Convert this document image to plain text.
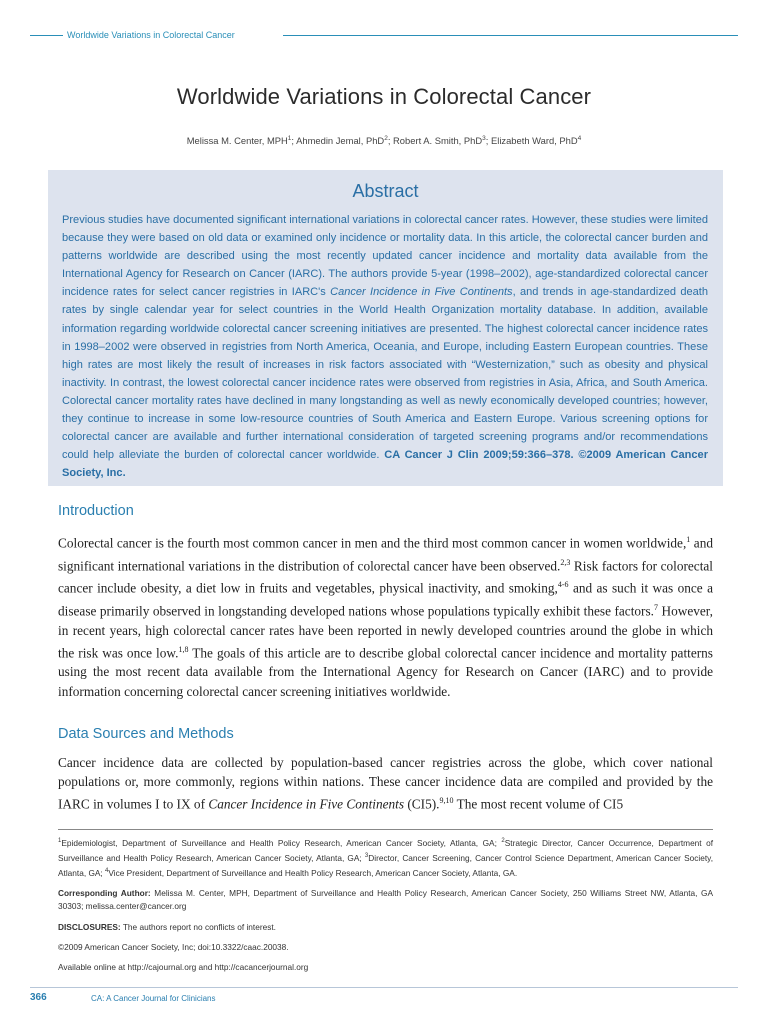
Worldwide Variations in Colorectal Cancer
Worldwide Variations in Colorectal Cancer
Melissa M. Center, MPH$^1$; Ahmedin Jemal, PhD$^2$; Robert A. Smith, PhD$^3$; Elizabeth Ward, PhD$^4$
Abstract
Previous studies have documented significant international variations in colorectal cancer rates. However, these studies were limited because they were based on old data or examined only incidence or mortality data. In this article, the colorectal cancer burden and patterns worldwide are described using the most recently updated cancer incidence and mortality data available from the International Agency for Research on Cancer (IARC). The authors provide 5-year (1998–2002), age-standardized colorectal cancer incidence rates for select cancer registries in IARC's Cancer Incidence in Five Continents, and trends in age-standardized death rates by single calendar year for select countries in the World Health Organization mortality database. In addition, available information regarding worldwide colorectal cancer screening initiatives are presented. The highest colorectal cancer incidence rates in 1998–2002 were observed in registries from North America, Oceania, and Europe, including Eastern European countries. These high rates are most likely the result of increases in risk factors associated with “Westernization,” such as obesity and physical inactivity. In contrast, the lowest colorectal cancer incidence rates were observed from registries in Asia, Africa, and South America. Colorectal cancer mortality rates have declined in many longstanding as well as newly economically developed countries; however, they continue to increase in some low-resource countries of South America and Eastern Europe. Various screening options for colorectal cancer are available and further international consideration of targeted screening programs and/or recommendations could help alleviate the burden of colorectal cancer worldwide. CA Cancer J Clin 2009;59:366–378. ©2009 American Cancer Society, Inc.
Introduction
Colorectal cancer is the fourth most common cancer in men and the third most common cancer in women worldwide,$^1$ and significant international variations in the distribution of colorectal cancer have been observed.$^{2,3}$ Risk factors for colorectal cancer include obesity, a diet low in fruits and vegetables, physical inactivity, and smoking,$^{4-6}$ and as such it was once a disease primarily observed in longstanding developed nations whose populations typically exhibit these factors.$^7$ However, in recent years, high colorectal cancer rates have been reported in newly developed countries around the globe in which the risk was once low.$^{1,8}$ The goals of this article are to describe global colorectal cancer incidence and mortality patterns using the most recent data available from the International Agency for Research on Cancer (IARC) and to provide information concerning colorectal cancer screening initiatives worldwide.
Data Sources and Methods
Cancer incidence data are collected by population-based cancer registries across the globe, which cover national populations or, more commonly, regions within nations. These cancer incidence data are compiled and provided by the IARC in volumes I to IX of Cancer Incidence in Five Continents (CI5).$^{9,10}$ The most recent volume of CI5

$^1$Epidemiologist, Department of Surveillance and Health Policy Research, American Cancer Society, Atlanta, GA; $^2$Strategic Director, Cancer Occurrence, Department of Surveillance and Health Policy Research, American Cancer Society, Atlanta, GA; $^3$Director, Cancer Screening, Cancer Control Science Department, American Cancer Society, Atlanta, GA; $^4$Vice President, Department of Surveillance and Health Policy Research, American Cancer Society, Atlanta, GA.

Corresponding Author: Melissa M. Center, MPH, Department of Surveillance and Health Policy Research, American Cancer Society, 250 Williams Street NW, Atlanta, GA 30303; melissa.center@cancer.org

DISCLOSURES: The authors report no conflicts of interest.

©2009 American Cancer Society, Inc; doi:10.3322/caac.20038.

Available online at http://cajournal.org and http://cacancerjournal.org

366	CA: A Cancer Journal for Clinicians
